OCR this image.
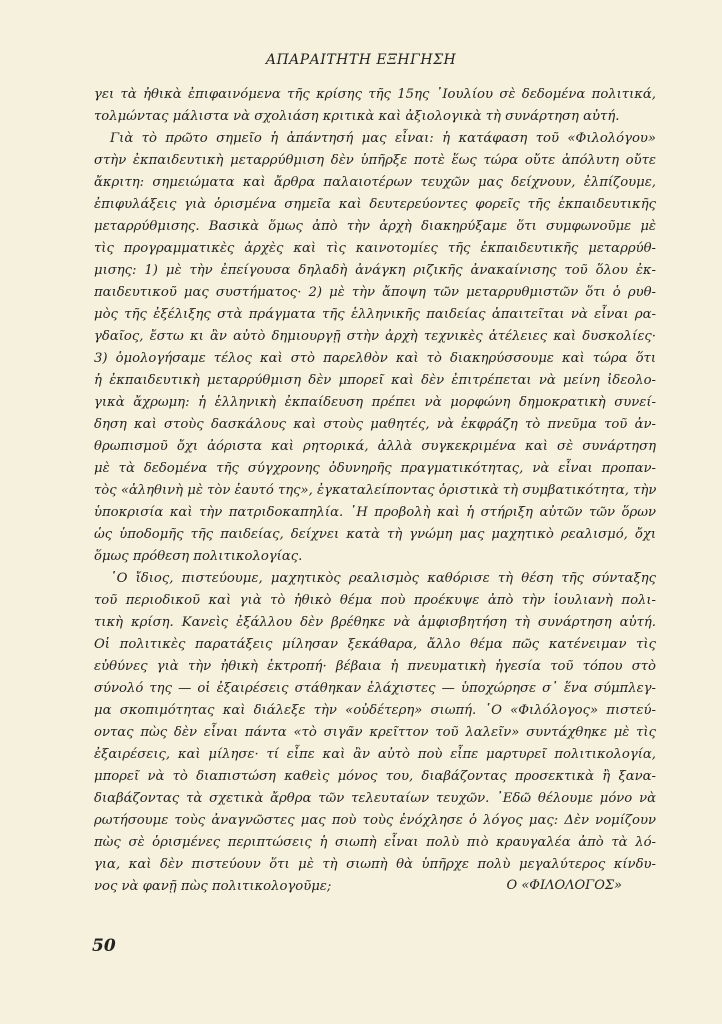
ΑΠΑΡΑΙΤΗΤΗ ΕΞΗΓΗΣΗ

γει τὰ ἠθικὰ ἐπιφαινόμενα τῆς κρίσης τῆς 15ης ᾿Ιουλίου σὲ δεδομένα πολιτικά,
τολμώντας μάλιστα νὰ σχολιάση κριτικὰ καὶ ἀξιολογικὰ τὴ συνάρτηση αὐτή.
Γιὰ τὸ πρῶτο σημεῖο ἡ ἀπάντησή μας εἶναι: ἡ κατάφαση τοῦ «Φιλολόγου»
στὴν ἐκπαιδευτικὴ μεταρρύθμιση δὲν ὑπῆρξε ποτὲ ἕως τώρα οὔτε ἀπόλυτη οὔτε
ἄκριτη: σημειώματα καὶ ἄρθρα παλαιοτέρων τευχῶν μας δείχνουν, ἐλπίζουμε,
ἐπιφυλάξεις γιὰ ὁρισμένα σημεῖα καὶ δευτερεύοντες φορεῖς τῆς ἐκπαιδευτικῆς
μεταρρύθμισης. Βασικὰ ὅμως ἀπὸ τὴν ἀρχὴ διακηρύξαμε ὅτι συμφωνοῦμε μὲ
τὶς προγραμματικὲς ἀρχὲς καὶ τὶς καινοτομίες τῆς ἐκπαιδευτικῆς μεταρρύθ-
μισης: 1) μὲ τὴν ἐπείγουσα δηλαδὴ ἀνάγκη ριζικῆς ἀνακαίνισης τοῦ ὅλου ἐκ-
παιδευτικοῦ μας συστήματος· 2) μὲ τὴν ἄποψη τῶν μεταρρυθμιστῶν ὅτι ὁ ρυθ-
μὸς τῆς ἐξέλιξης στὰ πράγματα τῆς ἑλληνικῆς παιδείας ἀπαιτεῖται νὰ εἶναι ρα-
γδαῖος, ἔστω κι ἂν αὐτὸ δημιουργῇ στὴν ἀρχὴ τεχνικὲς ἀτέλειες καὶ δυσκολίες·
3) ὁμολογήσαμε τέλος καὶ στὸ παρελθὸν καὶ τὸ διακηρύσσουμε καὶ τώρα ὅτι
ἡ ἐκπαιδευτικὴ μεταρρύθμιση δὲν μπορεῖ καὶ δὲν ἐπιτρέπεται νὰ μείνη ἰδεολο-
γικὰ ἄχρωμη: ἡ ἑλληνικὴ ἐκπαίδευση πρέπει νὰ μορφώνη δημοκρατικὴ συνεί-
δηση καὶ στοὺς δασκάλους καὶ στοὺς μαθητές, νὰ ἐκφράζη τὸ πνεῦμα τοῦ ἀν-
θρωπισμοῦ ὄχι ἀόριστα καὶ ρητορικά, ἀλλὰ συγκεκριμένα καὶ σὲ συνάρτηση
μὲ τὰ δεδομένα τῆς σύγχρονης ὀδυνηρῆς πραγματικότητας, νὰ εἶναι προπαν-
τὸς «ἀληθινὴ μὲ τὸν ἑαυτό της», ἐγκαταλείποντας ὁριστικὰ τὴ συμβατικότητα, τὴν
ὑποκρισία καὶ τὴν πατριδοκαπηλία. ῾Η προβολὴ καὶ ἡ στήριξη αὐτῶν τῶν ὅρων
ὡς ὑποδομῆς τῆς παιδείας, δείχνει κατὰ τὴ γνώμη μας μαχητικὸ ρεαλισμό, ὄχι
ὅμως πρόθεση πολιτικολογίας.
῾Ο ἴδιος, πιστεύουμε, μαχητικὸς ρεαλισμὸς καθόρισε τὴ θέση τῆς σύνταξης
τοῦ περιοδικοῦ καὶ γιὰ τὸ ἠθικὸ θέμα ποὺ προέκυψε ἀπὸ τὴν ἰουλιανὴ πολι-
τικὴ κρίση. Κανεὶς ἐξάλλου δὲν βρέθηκε νὰ ἀμφισβητήση τὴ συνάρτηση αὐτή.
Οἱ πολιτικὲς παρατάξεις μίλησαν ξεκάθαρα, ἄλλο θέμα πῶς κατένειμαν τὶς
εὐθύνες γιὰ τὴν ἠθικὴ ἐκτροπή· βέβαια ἡ πνευματικὴ ἡγεσία τοῦ τόπου στὸ
σύνολό της — οἱ ἐξαιρέσεις στάθηκαν ἐλάχιστες — ὑποχώρησε σ᾿ ἕνα σύμπλεγ-
μα σκοπιμότητας καὶ διάλεξε τὴν «οὐδέτερη» σιωπή. ῾Ο «Φιλόλογος» πιστεύ-
οντας πὼς δὲν εἶναι πάντα «τὸ σιγᾶν κρεῖττον τοῦ λαλεῖν» συντάχθηκε μὲ τὶς
ἐξαιρέσεις, καὶ μίλησε· τί εἶπε καὶ ἂν αὐτὸ ποὺ εἶπε μαρτυρεῖ πολιτικολογία,
μπορεῖ νὰ τὸ διαπιστώση καθεὶς μόνος του, διαβάζοντας προσεκτικὰ ἢ ξανα-
διαβάζοντας τὰ σχετικὰ ἄρθρα τῶν τελευταίων τευχῶν. ᾿Εδῶ θέλουμε μόνο νὰ
ρωτήσουμε τοὺς ἀναγνῶστες μας ποὺ τοὺς ἐνόχλησε ὁ λόγος μας: Δὲν νομίζουν
πὼς σὲ ὁρισμένες περιπτώσεις ἡ σιωπὴ εἶναι πολὺ πιὸ κραυγαλέα ἀπὸ τὰ λό-
για, καὶ δὲν πιστεύουν ὅτι μὲ τὴ σιωπὴ θὰ ὑπῆρχε πολὺ μεγαλύτερος κίνδυ-
νος νὰ φανῇ πὼς πολιτικολογοῦμε;	Ο «ΦΙΛΟΛΟΓΟΣ»

50
